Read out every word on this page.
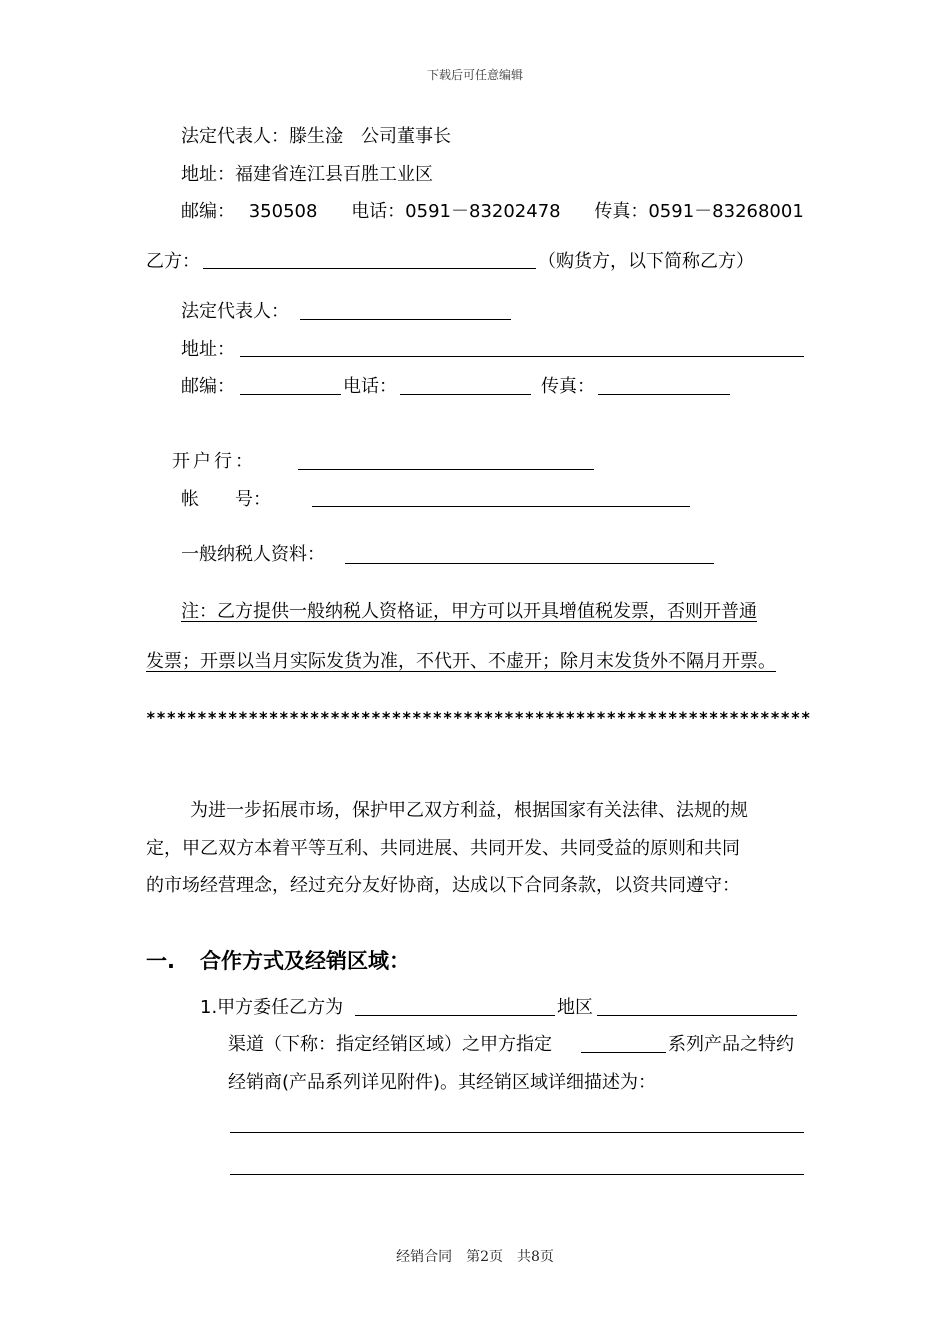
下载后可任意编辑
法定代表人：滕生淦　公司董事长
地址：福建省连江县百胜工业区
邮编： 350508 电话：0591－83202478 传真：0591－83268001
乙方：	（购货方，以下简称乙方）
法定代表人：
地址：
邮编：	电话：	传真：
开户行：
帐　　号：
一般纳税人资料：
注：乙方提供一般纳税人资格证，甲方可以开具增值税发票，否则开普通
发票；开票以当月实际发货为准，不代开、不虚开；除月末发货外不隔月开票。
*****************************************************************
为进一步拓展市场，保护甲乙双方利益，根据国家有关法律、法规的规
定，甲乙双方本着平等互利、共同进展、共同开发、共同受益的原则和共同
的市场经营理念，经过充分友好协商，达成以下合同条款，以资共同遵守：
一. 合作方式及经销区域：
1.甲方委任乙方为	地区
渠道（下称：指定经销区域）之甲方指定	系列产品之特约
经销商(产品系列详见附件)。其经销区域详细描述为：
经销合同　第2页　共8页
